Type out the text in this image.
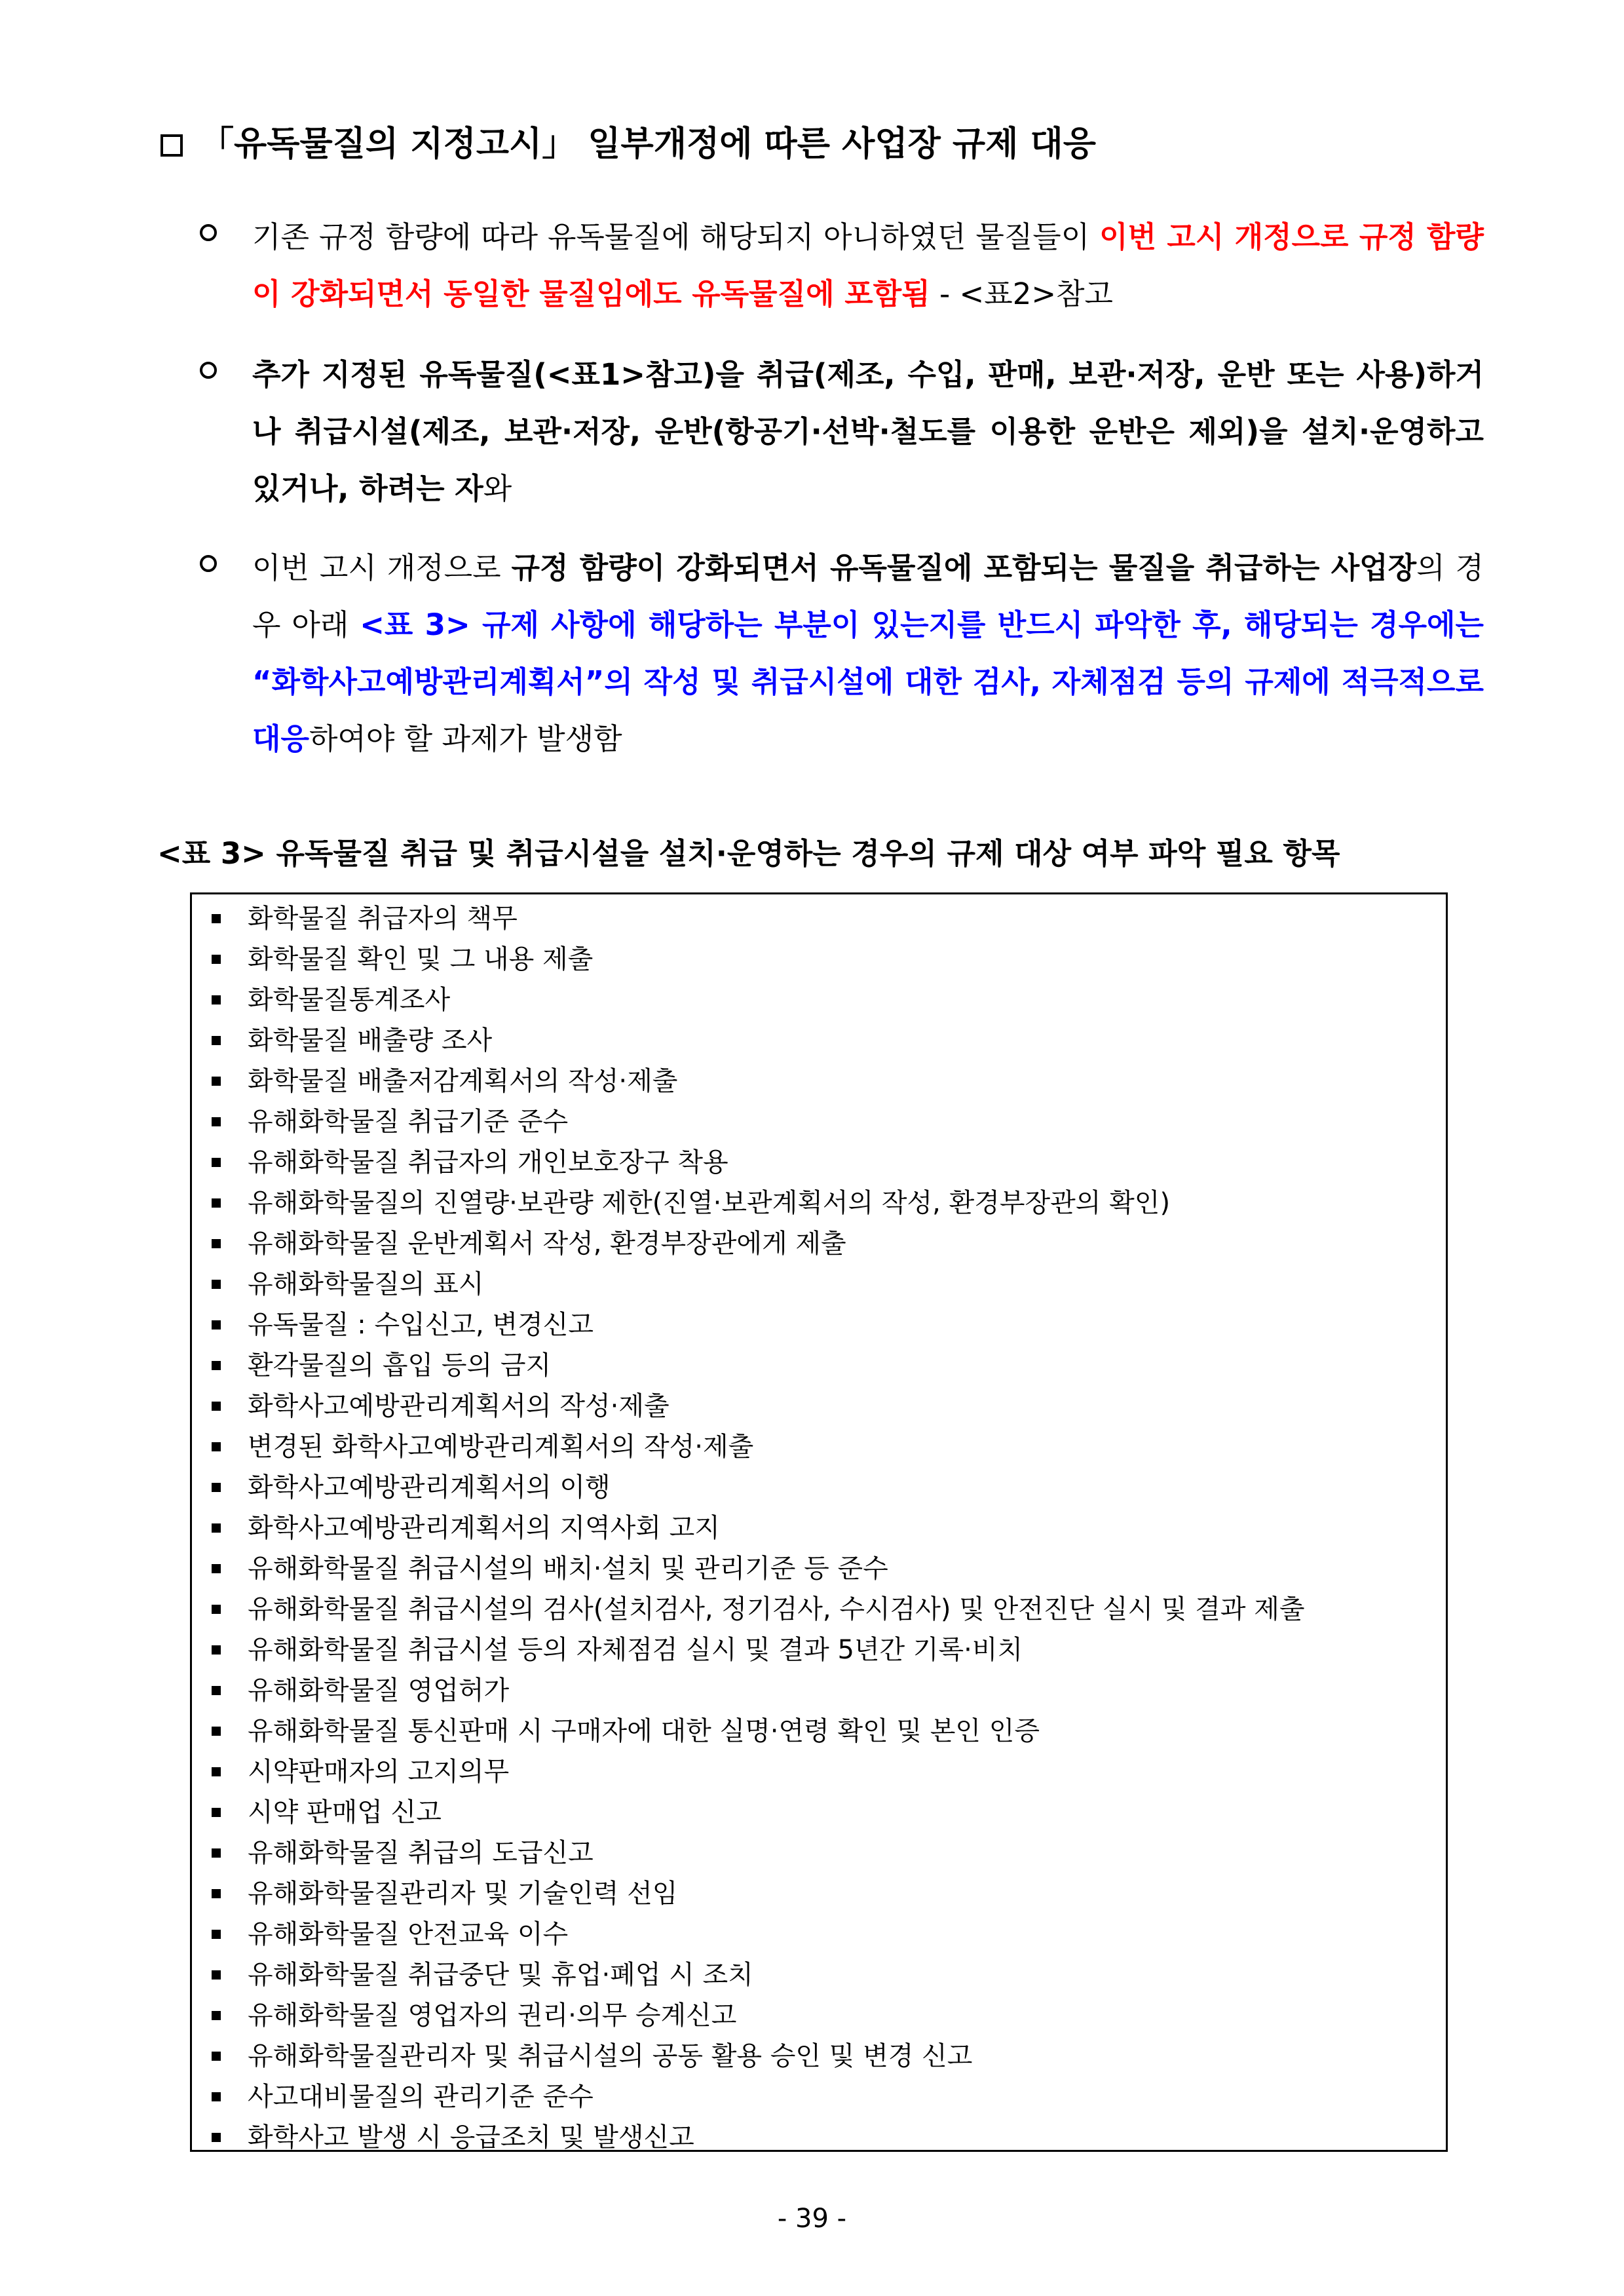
「유독물질의 지정고시」 일부개정에 따른 사업장 규제 대응
기존 규정 함량에 따라 유독물질에 해당되지 아니하였던 물질들이 이번 고시 개정으로 규정 함량이 강화되면서 동일한 물질임에도 유독물질에 포함됨 - <표2>참고
추가 지정된 유독물질(<표1>참고)을 취급(제조, 수입, 판매, 보관·저장, 운반 또는 사용)하거나 취급시설(제조, 보관·저장, 운반(항공기·선박·철도를 이용한 운반은 제외)을 설치·운영하고 있거나, 하려는 자와
이번 고시 개정으로 규정 함량이 강화되면서 유독물질에 포함되는 물질을 취급하는 사업장의 경우 아래 <표 3> 규제 사항에 해당하는 부분이 있는지를 반드시 파악한 후, 해당되는 경우에는 “화학사고예방관리계획서”의 작성 및 취급시설에 대한 검사, 자체점검 등의 규제에 적극적으로 대응하여야 할 과제가 발생함
<표 3> 유독물질 취급 및 취급시설을 설치·운영하는 경우의 규제 대상 여부 파악 필요 항목
화학물질 취급자의 책무
화학물질 확인 및 그 내용 제출
화학물질통계조사
화학물질 배출량 조사
화학물질 배출저감계획서의 작성·제출
유해화학물질 취급기준 준수
유해화학물질 취급자의 개인보호장구 착용
유해화학물질의 진열량·보관량 제한(진열·보관계획서의 작성, 환경부장관의 확인)
유해화학물질 운반계획서 작성, 환경부장관에게 제출
유해화학물질의 표시
유독물질 : 수입신고, 변경신고
환각물질의 흡입 등의 금지
화학사고예방관리계획서의 작성·제출
변경된 화학사고예방관리계획서의 작성·제출
화학사고예방관리계획서의 이행
화학사고예방관리계획서의 지역사회 고지
유해화학물질 취급시설의 배치·설치 및 관리기준 등 준수
유해화학물질 취급시설의 검사(설치검사, 정기검사, 수시검사) 및 안전진단 실시 및 결과 제출
유해화학물질 취급시설 등의 자체점검 실시 및 결과 5년간 기록·비치
유해화학물질 영업허가
유해화학물질 통신판매 시 구매자에 대한 실명·연령 확인 및 본인 인증
시약판매자의 고지의무
시약 판매업 신고
유해화학물질 취급의 도급신고
유해화학물질관리자 및 기술인력 선임
유해화학물질 안전교육 이수
유해화학물질 취급중단 및 휴업·폐업 시 조치
유해화학물질 영업자의 권리·의무 승계신고
유해화학물질관리자 및 취급시설의 공동 활용 승인 및 변경 신고
사고대비물질의 관리기준 준수
화학사고 발생 시 응급조치 및 발생신고
- 39 -
